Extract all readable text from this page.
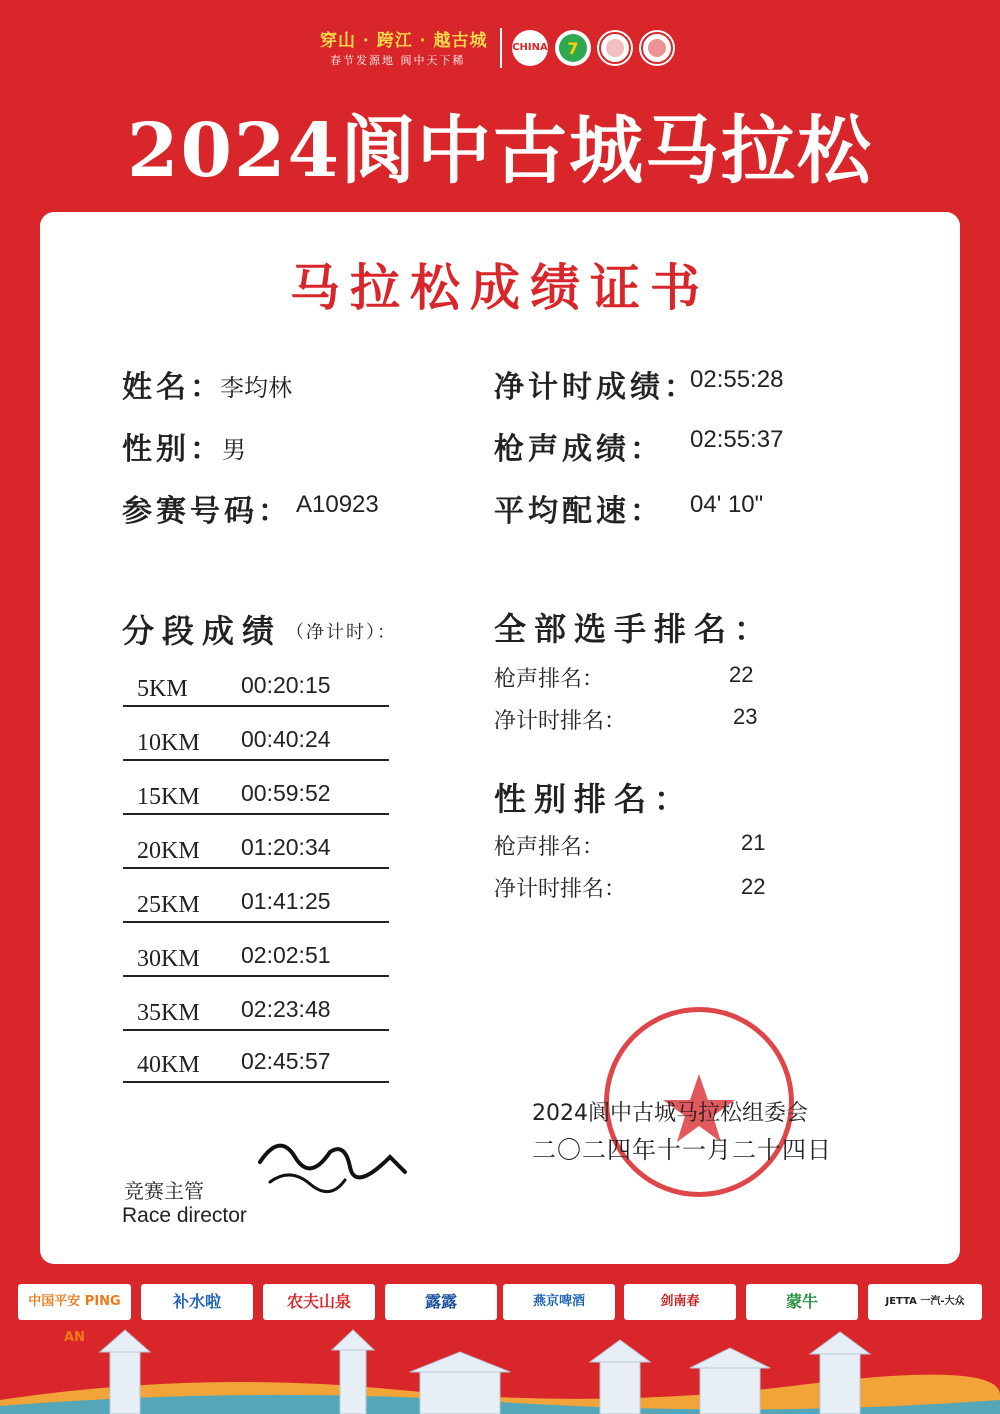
穿山 · 跨江 · 越古城
春节发源地 阆中天下稀
CHINA 7
2024阆中古城马拉松
马拉松成绩证书
姓名：
李均林
性别：
男
参赛号码： A10923
净计时成绩：
02:55:28
枪声成绩： 02:55:37
平均配速： 04' 10"
分段成绩 （净计时）：
5KM 00:20:15
10KM 00:40:24
15KM 00:59:52
20KM 01:20:34
25KM 01:41:25
30KM 02:02:51
35KM 02:23:48
40KM 02:45:57
全部选手排名：
枪声排名：	22
净计时排名：	23
性别排名：
枪声排名：	21
净计时排名：	22
2024阆中古城马拉松组委会
二〇二四年十一月二十四日
竞赛主管
Race director
中国平安 PING AN
补水啦	农夫山泉	露露	燕京啤酒	剑南春	蒙牛	JETTA 一汽-大众
